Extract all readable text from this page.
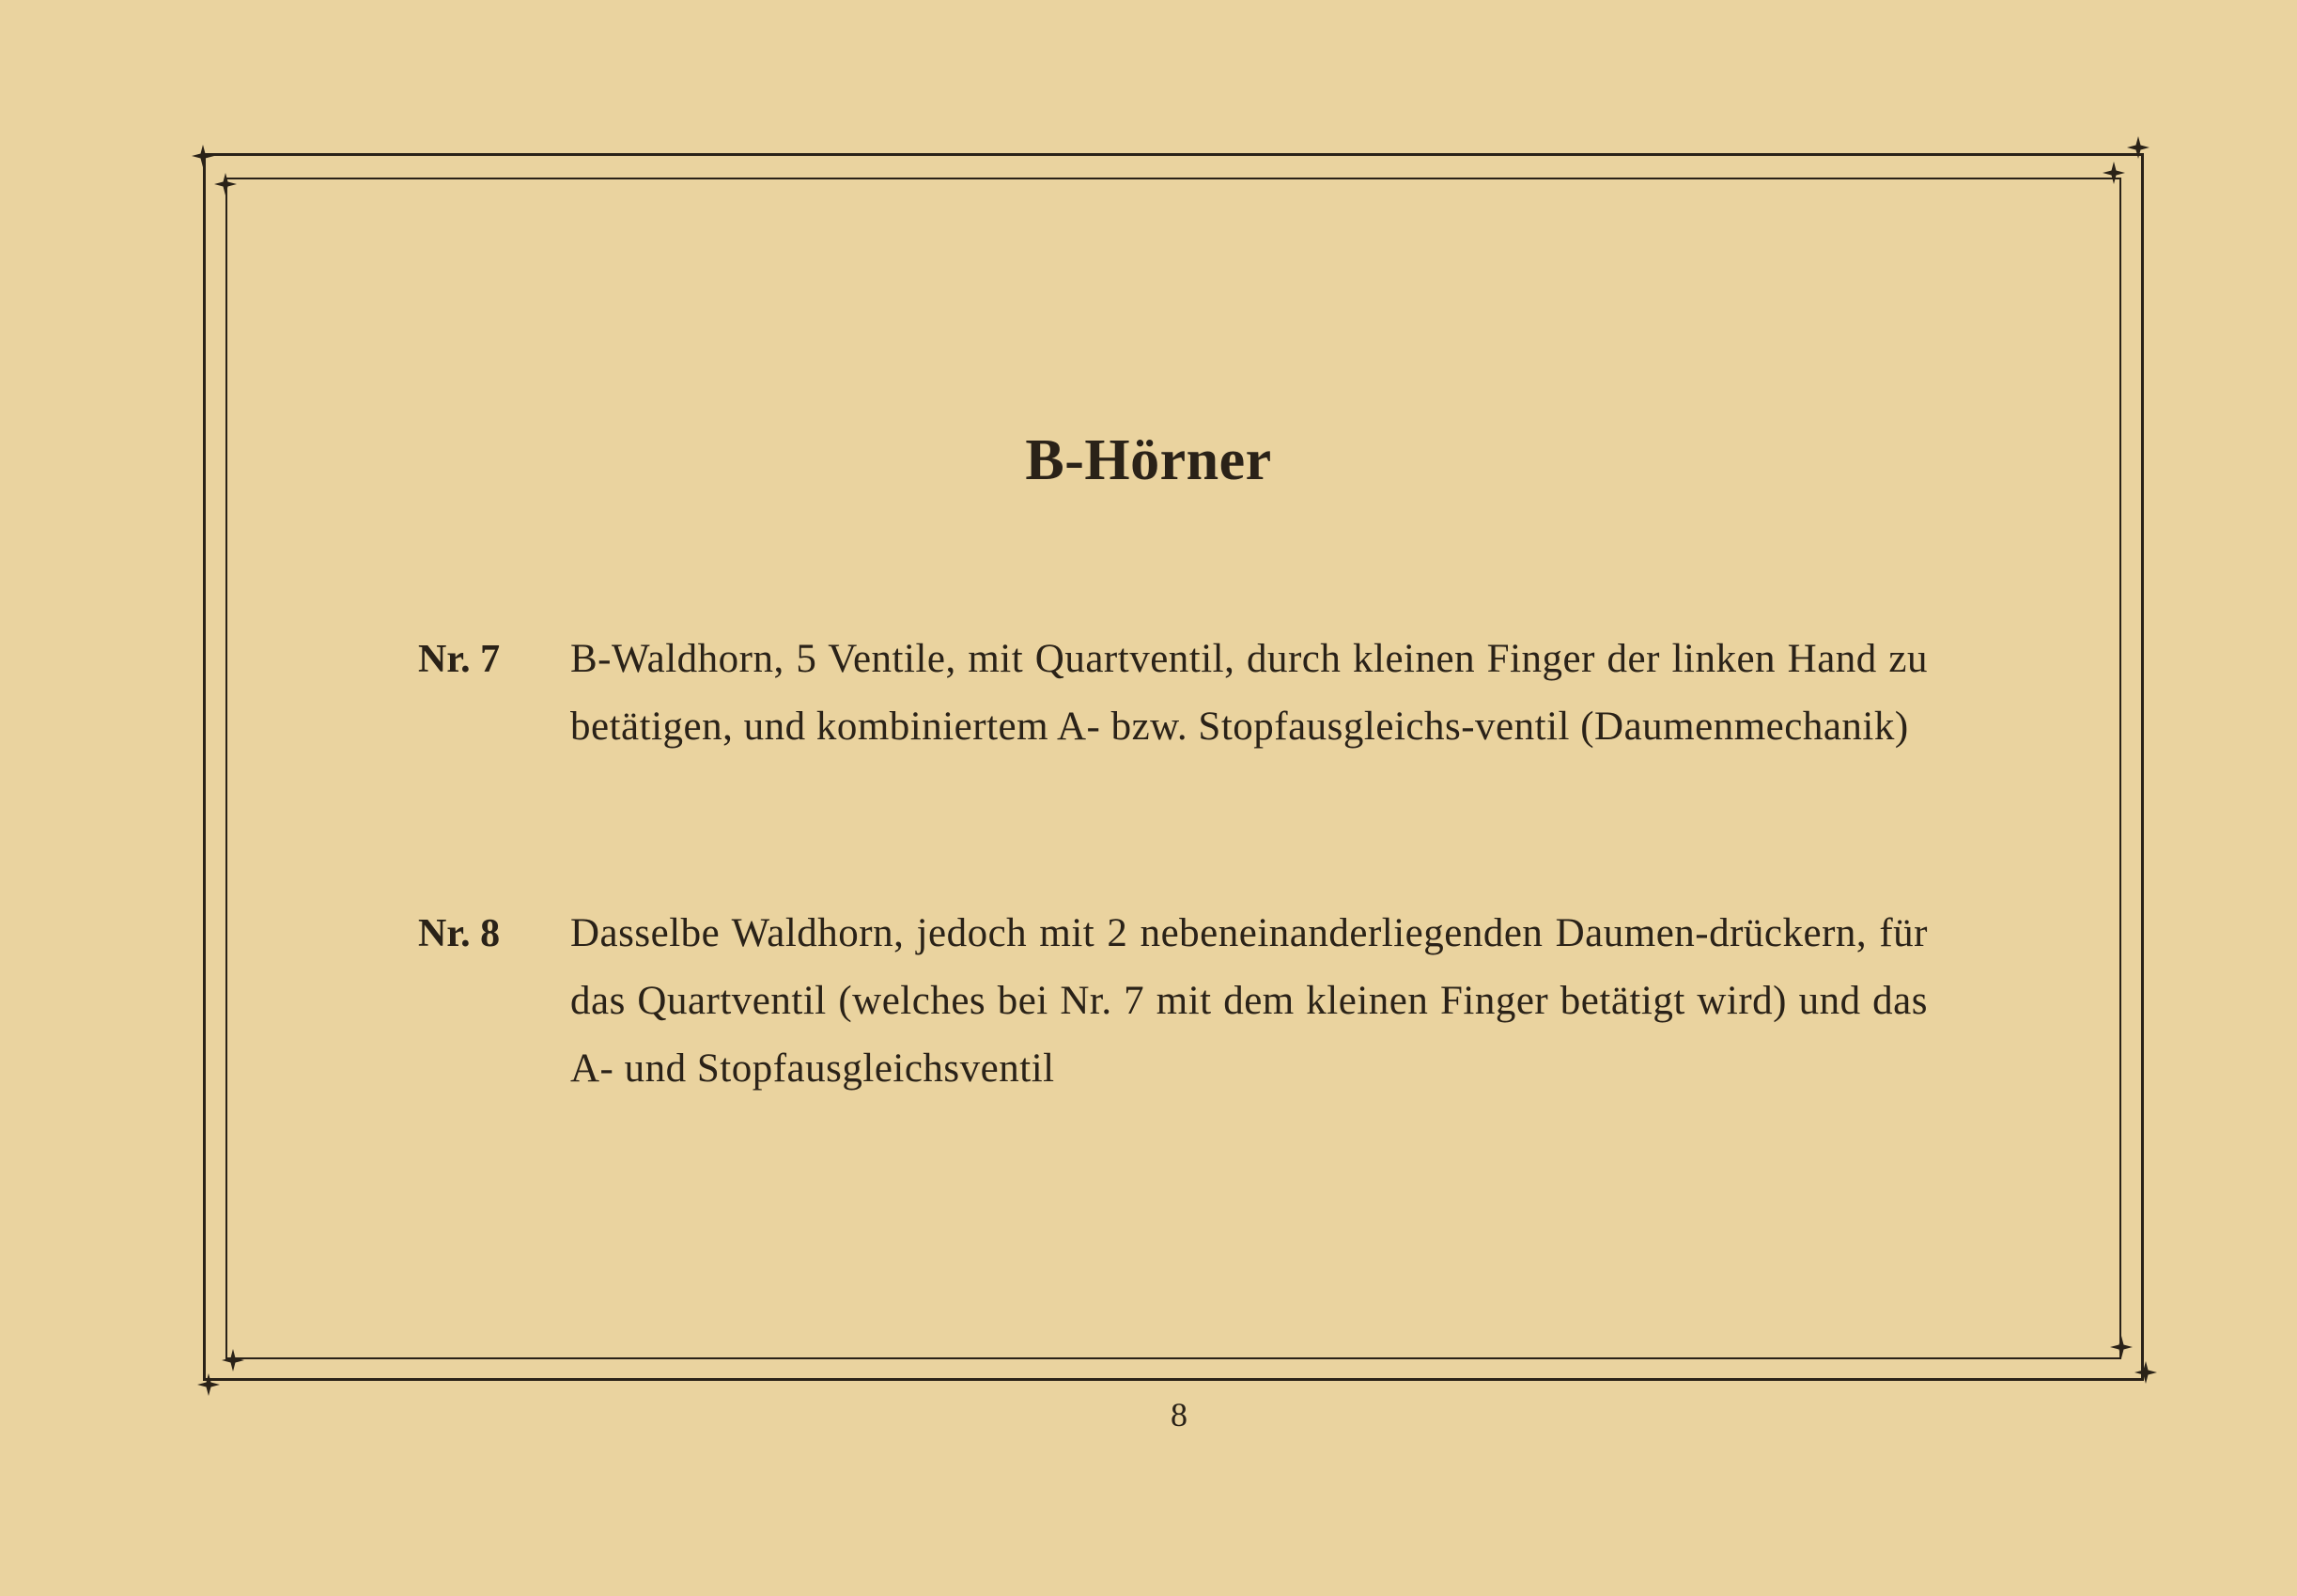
B-Hörner
Nr. 7 B-Waldhorn, 5 Ventile, mit Quartventil, durch kleinen Finger der linken Hand zu betätigen, und kombiniertem A- bzw. Stopfausgleichs-ventil (Daumenmechanik)
Nr. 8 Dasselbe Waldhorn, jedoch mit 2 nebeneinanderliegenden Daumen-drückern, für das Quartventil (welches bei Nr. 7 mit dem kleinen Finger betätigt wird) und das A- und Stopfausgleichsventil
8
